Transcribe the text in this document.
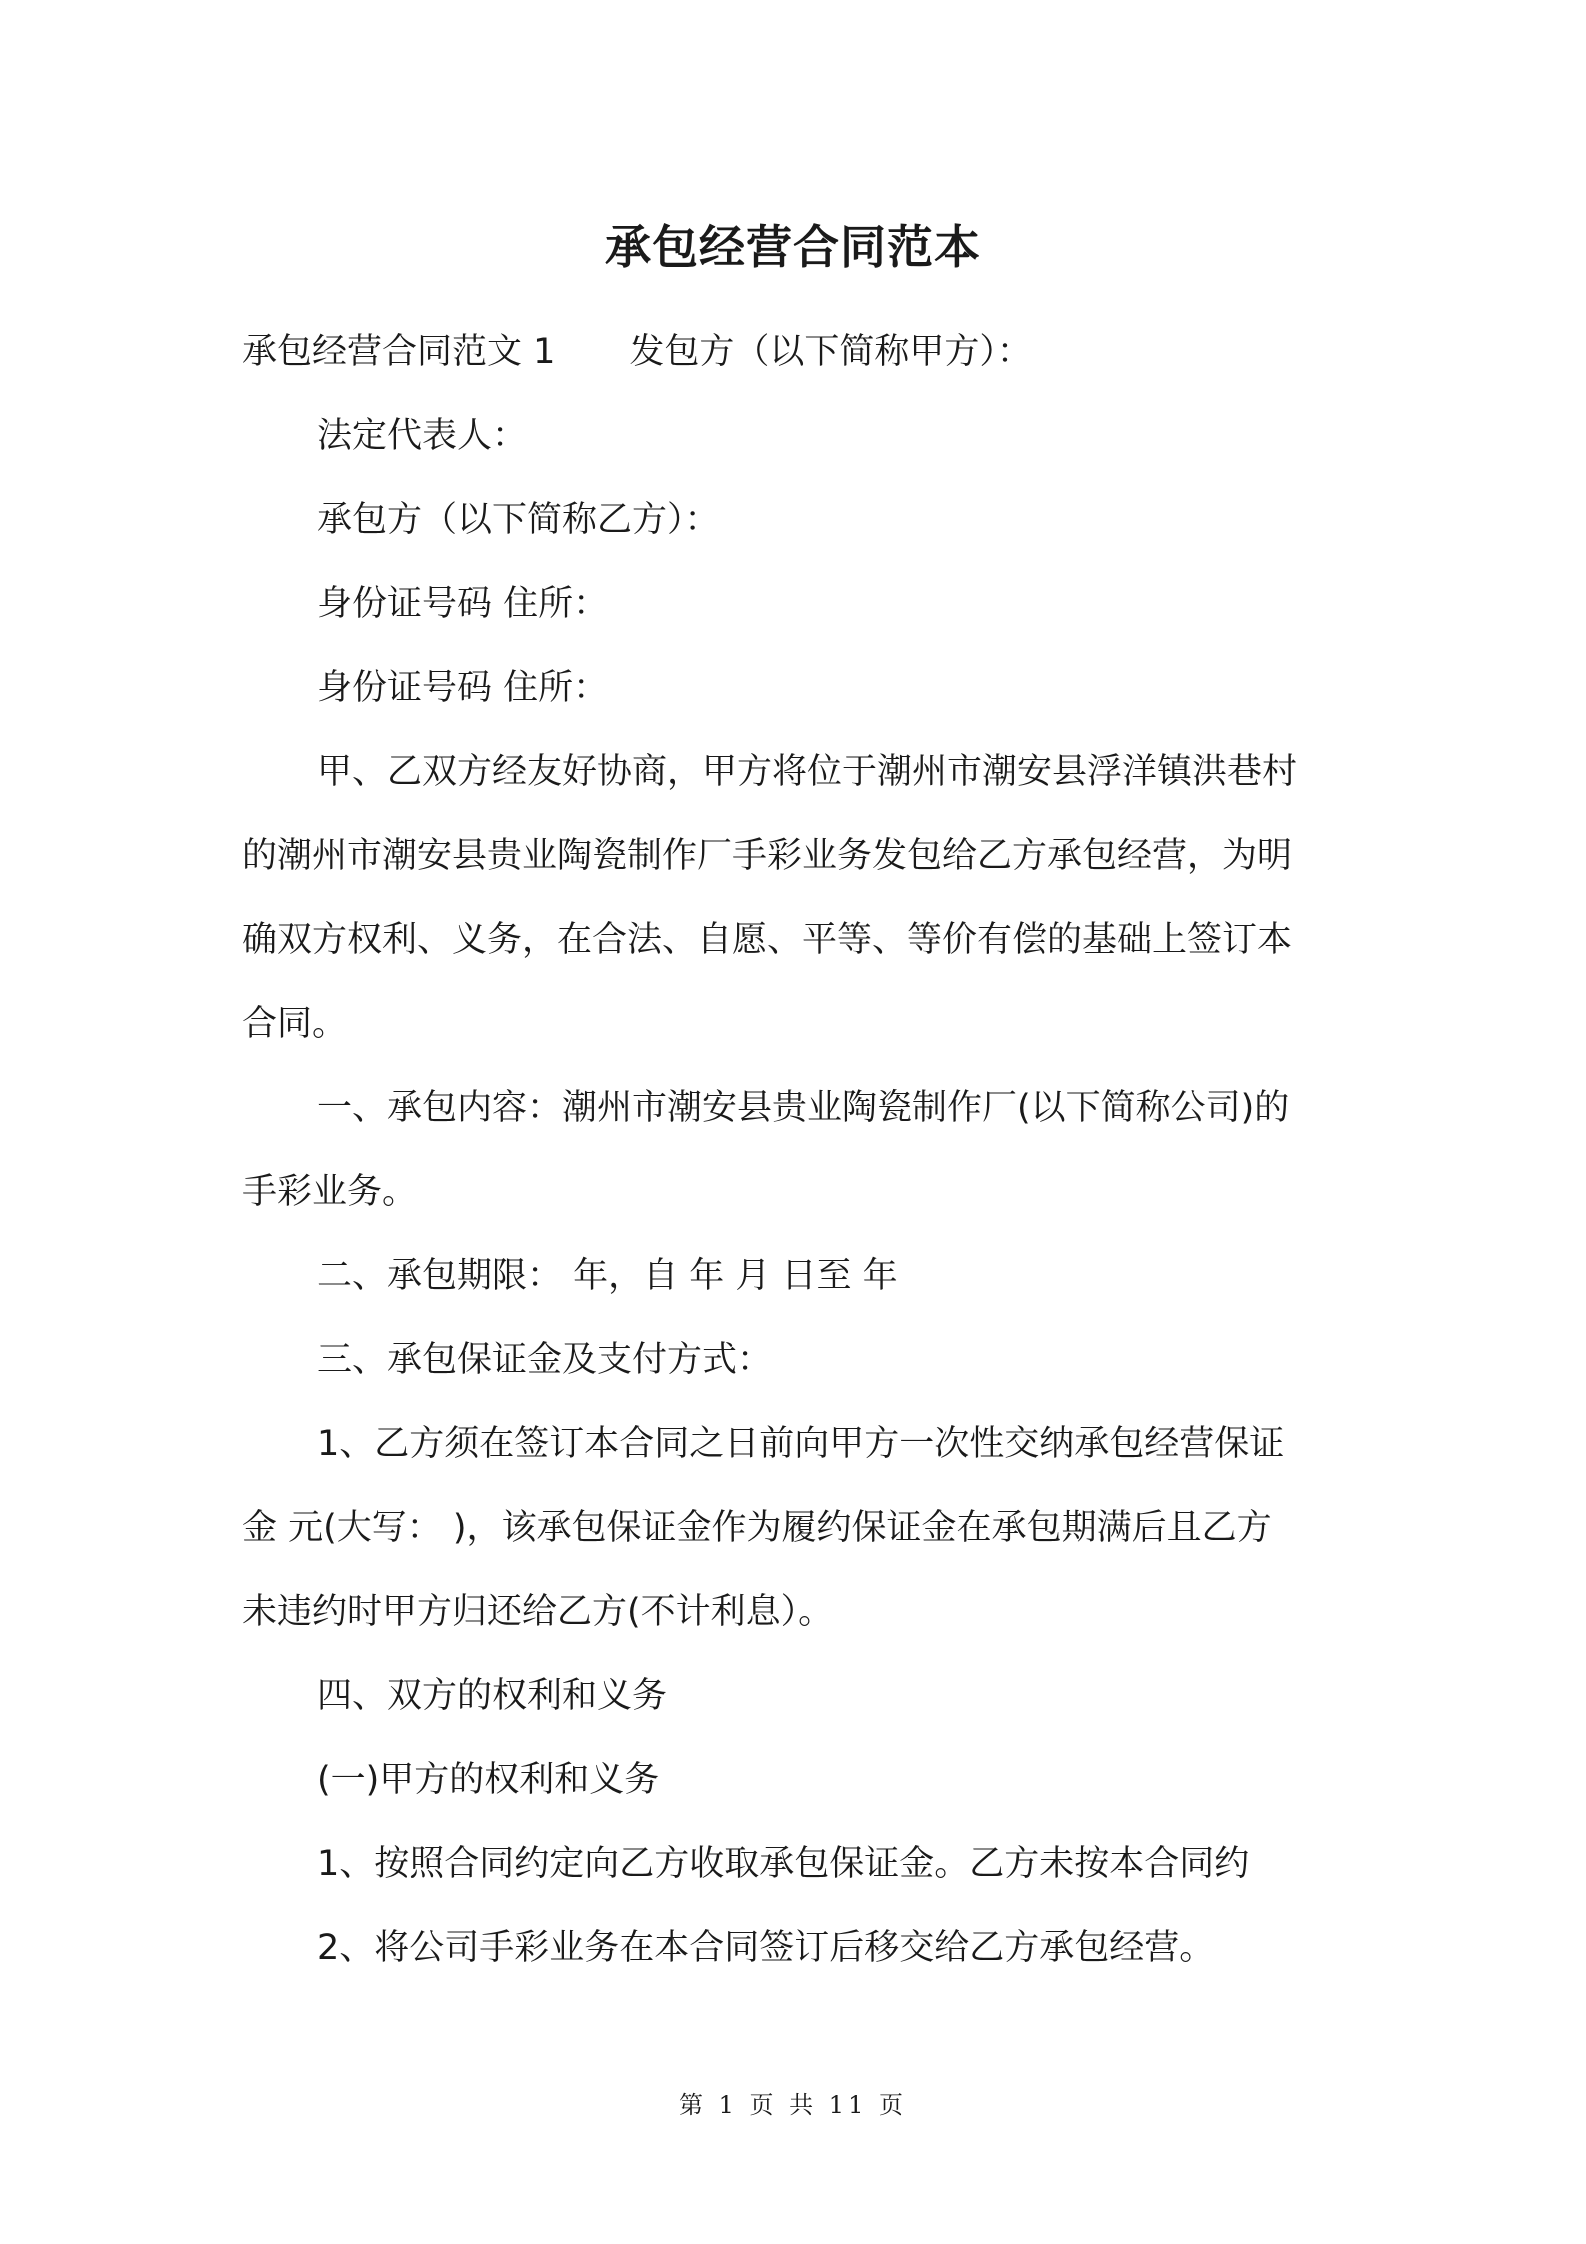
承包经营合同范本
承包经营合同范文 1 发包方（以下简称甲方）：
法定代表人：
承包方（以下简称乙方）：
身份证号码 住所：
身份证号码 住所：
甲、乙双方经友好协商，甲方将位于潮州市潮安县浮洋镇洪巷村
的潮州市潮安县贵业陶瓷制作厂手彩业务发包给乙方承包经营，为明
确双方权利、义务，在合法、自愿、平等、等价有偿的基础上签订本
合同。
一、承包内容：潮州市潮安县贵业陶瓷制作厂(以下简称公司)的
手彩业务。
二、承包期限： 年，自 年 月 日至 年
三、承包保证金及支付方式：
1、乙方须在签订本合同之日前向甲方一次性交纳承包经营保证
金 元(大写： )，该承包保证金作为履约保证金在承包期满后且乙方
未违约时甲方归还给乙方(不计利息）。
四、双方的权利和义务
(一)甲方的权利和义务
1、按照合同约定向乙方收取承包保证金。乙方未按本合同约
2、将公司手彩业务在本合同签订后移交给乙方承包经营。
第 1 页 共 11 页
